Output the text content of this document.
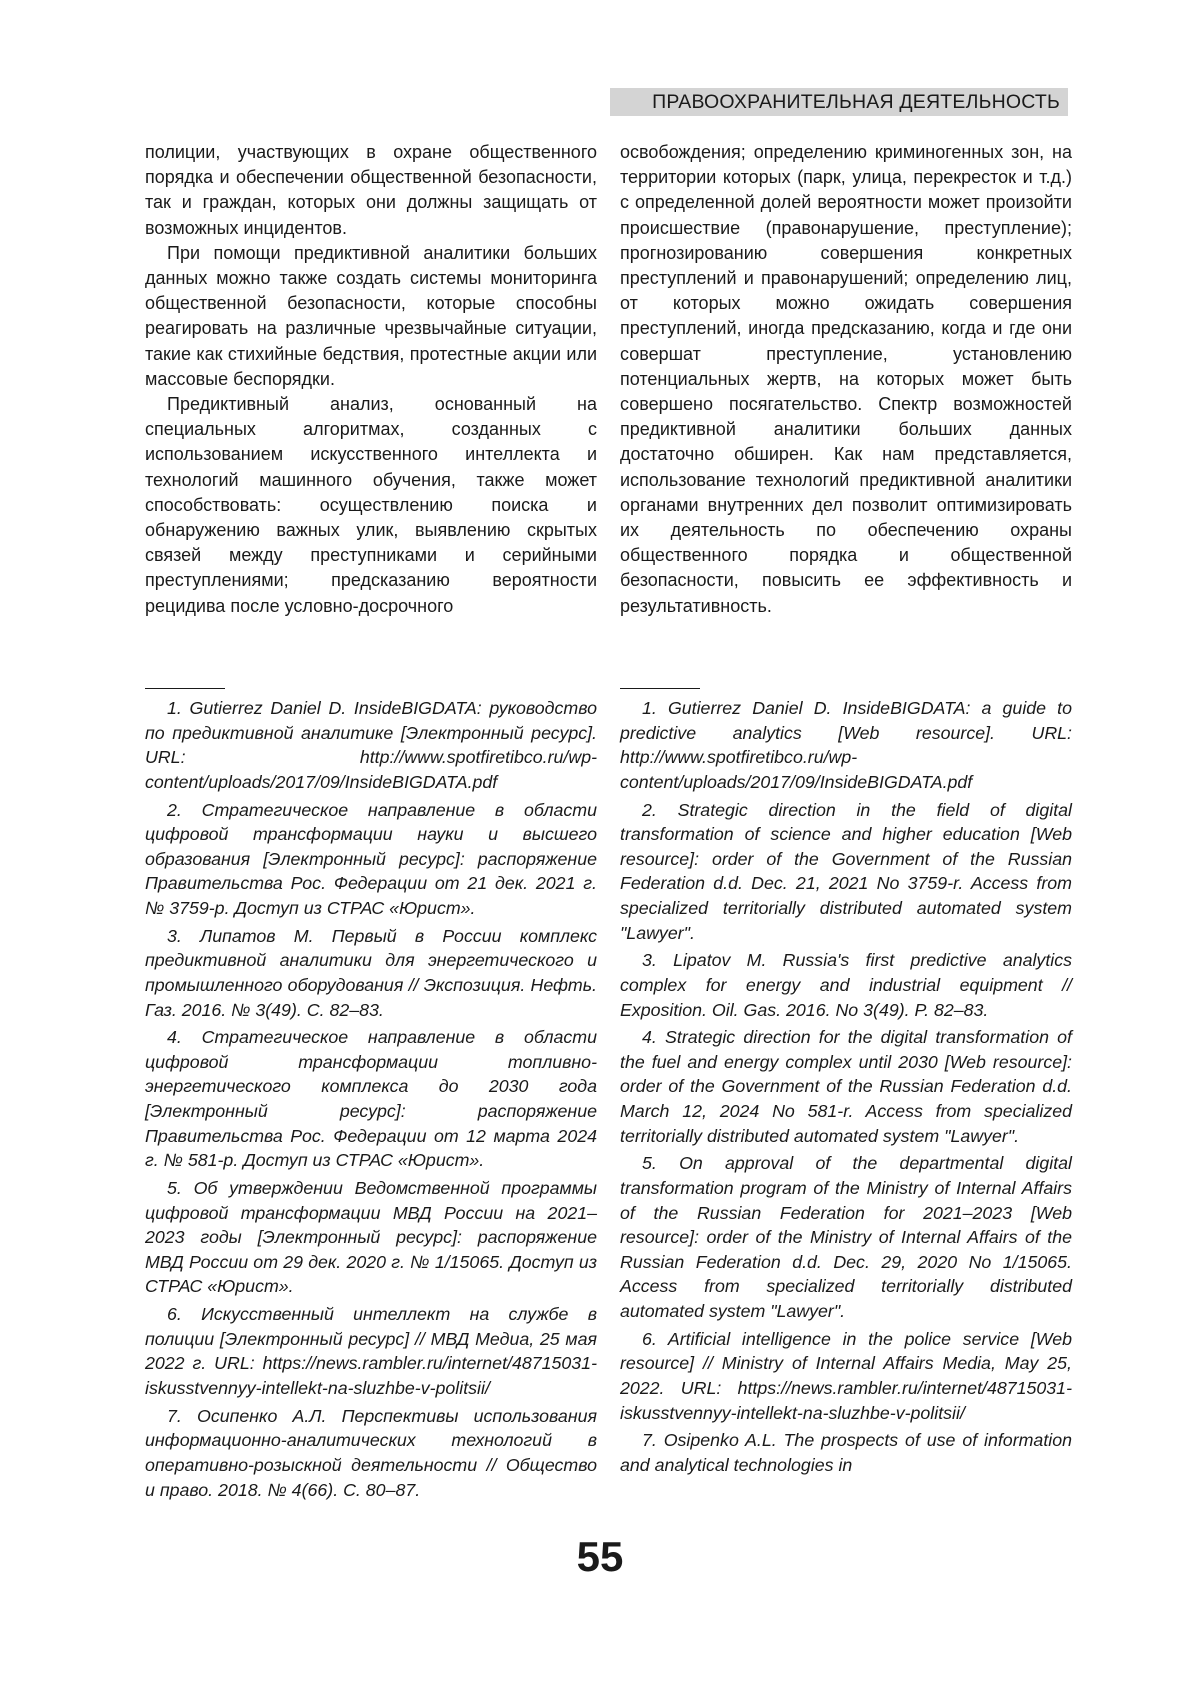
ПРАВООХРАНИТЕЛЬНАЯ ДЕЯТЕЛЬНОСТЬ

полиции, участвующих в охране общественного порядка и обеспечении общественной безопасности, так и граждан, которых они должны защищать от возможных инцидентов.

При помощи предиктивной аналитики больших данных можно также создать системы мониторинга общественной безопасности, которые способны реагировать на различные чрезвычайные ситуации, такие как стихийные бедствия, протестные акции или массовые беспорядки.

Предиктивный анализ, основанный на специальных алгоритмах, созданных с использованием искусственного интеллекта и технологий машинного обучения, также может способствовать: осуществлению поиска и обнаружению важных улик, выявлению скрытых связей между преступниками и серийными преступлениями; предсказанию вероятности рецидива после условно-досрочного

освобождения; определению криминогенных зон, на территории которых (парк, улица, перекресток и т.д.) с определенной долей вероятности может произойти происшествие (правонарушение, преступление); прогнозированию совершения конкретных преступлений и правонарушений; определению лиц, от которых можно ожидать совершения преступлений, иногда предсказанию, когда и где они совершат преступление, установлению потенциальных жертв, на которых может быть совершено посягательство. Спектр возможностей предиктивной аналитики больших данных достаточно обширен. Как нам представляется, использование технологий предиктивной аналитики органами внутренних дел позволит оптимизировать их деятельность по обеспечению охраны общественного порядка и общественной безопасности, повысить ее эффективность и результативность.

1. Gutierrez Daniel D. InsideBIGDATA: руководство по предиктивной аналитике [Электронный ресурс]. URL: http://www.spotfiretibco.ru/wp-content/uploads/2017/09/InsideBIGDATA.pdf

2. Стратегическое направление в области цифровой трансформации науки и высшего образования [Электронный ресурс]: распоряжение Правительства Рос. Федерации от 21 дек. 2021 г. № 3759-р. Доступ из СТРАС «Юрист».

3. Липатов М. Первый в России комплекс предиктивной аналитики для энергетического и промышленного оборудования // Экспозиция. Нефть. Газ. 2016. № 3(49). С. 82–83.

4. Стратегическое направление в области цифровой трансформации топливно-энергетического комплекса до 2030 года [Электронный ресурс]: распоряжение Правительства Рос. Федерации от 12 марта 2024 г. № 581-р. Доступ из СТРАС «Юрист».

5. Об утверждении Ведомственной программы цифровой трансформации МВД России на 2021–2023 годы [Электронный ресурс]: распоряжение МВД России от 29 дек. 2020 г. № 1/15065. Доступ из СТРАС «Юрист».

6. Искусственный интеллект на службе в полиции [Электронный ресурс] // МВД Медиа, 25 мая 2022 г. URL: https://news.rambler.ru/internet/48715031-iskusstvennyy-intellekt-na-sluzhbe-v-politsii/

7. Осипенко А.Л. Перспективы использования информационно-аналитических технологий в оперативно-розыскной деятельности // Общество и право. 2018. № 4(66). С. 80–87.

1. Gutierrez Daniel D. InsideBIGDATA: a guide to predictive analytics [Web resource]. URL: http://www.spotfiretibco.ru/wp-content/uploads/2017/09/InsideBIGDATA.pdf

2. Strategic direction in the field of digital transformation of science and higher education [Web resource]: order of the Government of the Russian Federation d.d. Dec. 21, 2021 No 3759-r. Access from specialized territorially distributed automated system "Lawyer".

3. Lipatov M. Russia's first predictive analytics complex for energy and industrial equipment // Exposition. Oil. Gas. 2016. No 3(49). P. 82–83.

4. Strategic direction for the digital transformation of the fuel and energy complex until 2030 [Web resource]: order of the Government of the Russian Federation d.d. March 12, 2024 No 581-r. Access from specialized territorially distributed automated system "Lawyer".

5. On approval of the departmental digital transformation program of the Ministry of Internal Affairs of the Russian Federation for 2021–2023 [Web resource]: order of the Ministry of Internal Affairs of the Russian Federation d.d. Dec. 29, 2020 No 1/15065. Access from specialized territorially distributed automated system "Lawyer".

6. Artificial intelligence in the police service [Web resource] // Ministry of Internal Affairs Media, May 25, 2022. URL: https://news.rambler.ru/internet/48715031-iskusstvennyy-intellekt-na-sluzhbe-v-politsii/

7. Osipenko A.L. The prospects of use of information and analytical technologies in

55
